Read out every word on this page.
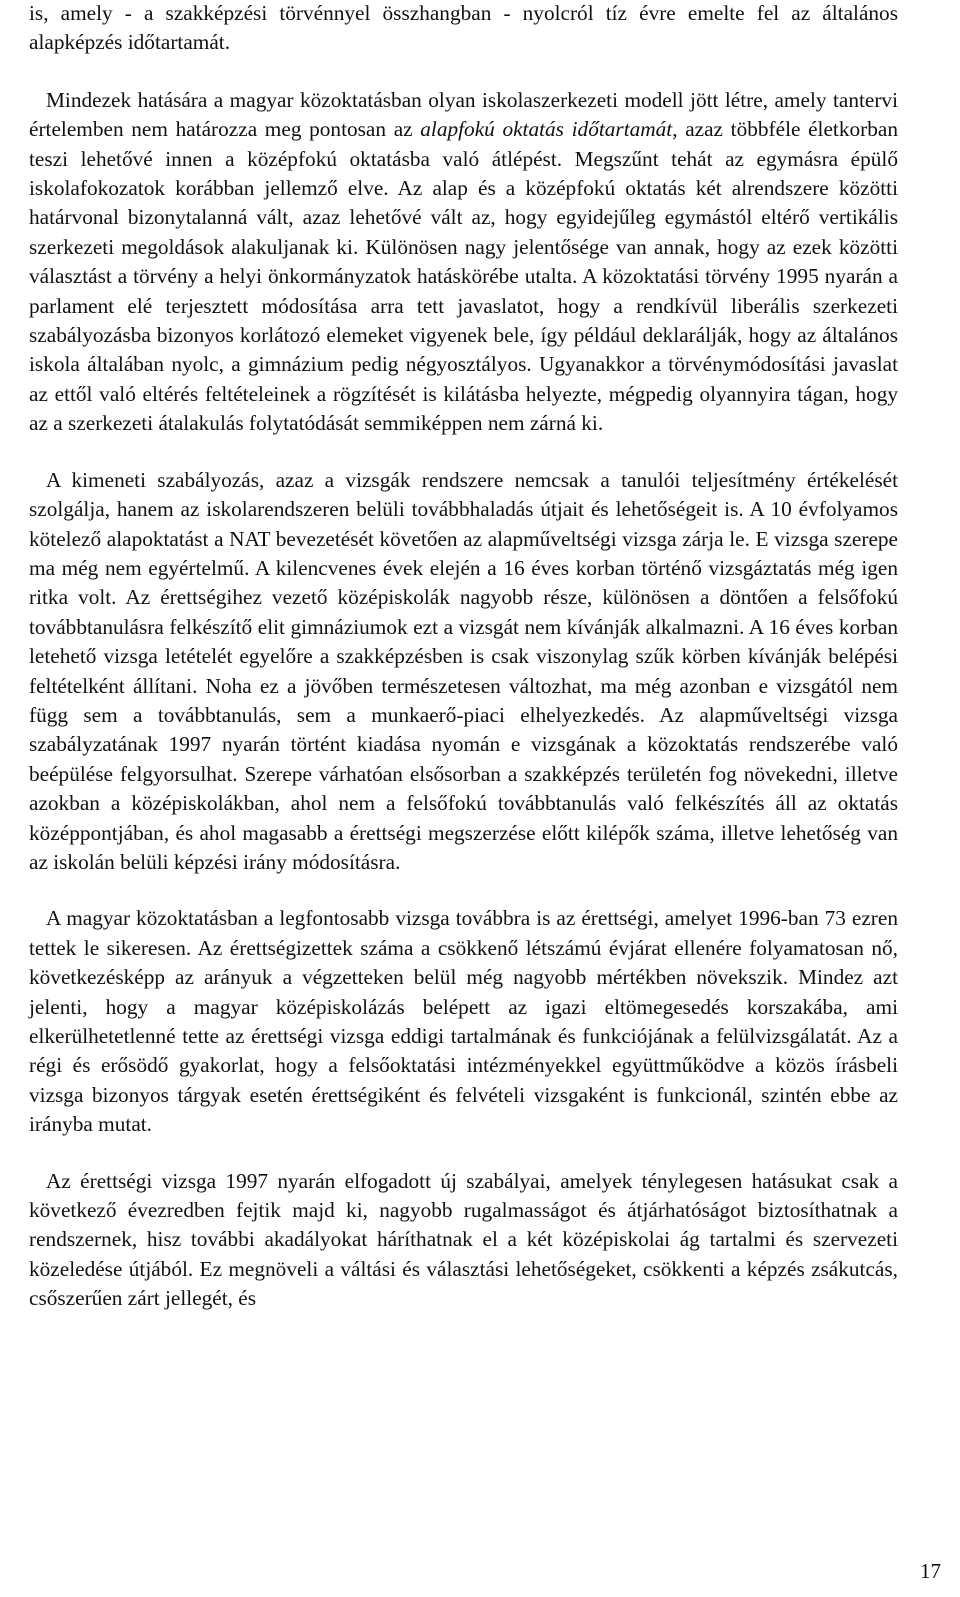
is, amely - a szakképzési törvénnyel összhangban - nyolcról tíz évre emelte fel az általános alapképzés időtartamát.

Mindezek hatására a magyar közoktatásban olyan iskolaszerkezeti modell jött létre, amely tantervi értelemben nem határozza meg pontosan az alapfokú oktatás időtartamát, azaz többféle életkorban teszi lehetővé innen a középfokú oktatásba való átlépést. Megszűnt tehát az egymásra épülő iskolafokozatok korábban jellemző elve. Az alap és a középfokú oktatás két alrendszere közötti határvonal bizonytalanná vált, azaz lehetővé vált az, hogy egyidejűleg egymástól eltérő vertikális szerkezeti megoldások alakuljanak ki. Különösen nagy jelentősége van annak, hogy az ezek közötti választást a törvény a helyi önkormányzatok hatáskörébe utalta. A közoktatási törvény 1995 nyarán a parlament elé terjesztett módosítása arra tett javaslatot, hogy a rendkívül liberális szerkezeti szabályozásba bizonyos korlátozó elemeket vigyenek bele, így például deklarálják, hogy az általános iskola általában nyolc, a gimnázium pedig négyosztályos. Ugyanakkor a törvénymódosítási javaslat az ettől való eltérés feltételeinek a rögzítését is kilátásba helyezte, mégpedig olyannyira tágan, hogy az a szerkezeti átalakulás folytatódását semmiképpen nem zárná ki.

A kimeneti szabályozás, azaz a vizsgák rendszere nemcsak a tanulói teljesítmény értékelését szolgálja, hanem az iskolarendszeren belüli továbbhaladás útjait és lehetőségeit is. A 10 évfolyamos kötelező alapoktatást a NAT bevezetését követően az alapműveltségi vizsga zárja le. E vizsga szerepe ma még nem egyértelmű. A kilencvenes évek elején a 16 éves korban történő vizsgáztatás még igen ritka volt. Az érettségihez vezető középiskolák nagyobb része, különösen a döntően a felsőfokú továbbtanulásra felkészítő elit gimnáziumok ezt a vizsgát nem kívánják alkalmazni. A 16 éves korban letehető vizsga letételét egyelőre a szakképzésben is csak viszonylag szűk körben kívánják belépési feltételként állítani. Noha ez a jövőben természetesen változhat, ma még azonban e vizsgától nem függ sem a továbbtanulás, sem a munkaerő-piaci elhelyezkedés. Az alapműveltségi vizsga szabályzatának 1997 nyarán történt kiadása nyomán e vizsgának a közoktatás rendszerébe való beépülése felgyorsulhat. Szerepe várhatóan elsősorban a szakképzés területén fog növekedni, illetve azokban a középiskolákban, ahol nem a felsőfokú továbbtanulás való felkészítés áll az oktatás középpontjában, és ahol magasabb a érettségi megszerzése előtt kilépők száma, illetve lehetőség van az iskolán belüli képzési irány módosításra.

A magyar közoktatásban a legfontosabb vizsga továbbra is az érettségi, amelyet 1996-ban 73 ezren tettek le sikeresen. Az érettségizettek száma a csökkenő létszámú évjárat ellenére folyamatosan nő, következésképp az arányuk a végzetteken belül még nagyobb mértékben növekszik. Mindez azt jelenti, hogy a magyar középiskolázás belépett az igazi eltömegesedés korszakába, ami elkerülhetetlenné tette az érettségi vizsga eddigi tartalmának és funkciójának a felülvizsgálatát. Az a régi és erősödő gyakorlat, hogy a felsőoktatási intézményekkel együttműködve a közös írásbeli vizsga bizonyos tárgyak esetén érettségiként és felvételi vizsgaként is funkcionál, szintén ebbe az irányba mutat.

Az érettségi vizsga 1997 nyarán elfogadott új szabályai, amelyek ténylegesen hatásukat csak a következő évezredben fejtik majd ki, nagyobb rugalmasságot és átjárhatóságot biztosíthatnak a rendszernek, hisz további akadályokat háríthatnak el a két középiskolai ág tartalmi és szervezeti közeledése útjából. Ez megnöveli a váltási és választási lehetőségeket, csökkenti a képzés zsákutcás, csőszerűen zárt jellegét, és

17
